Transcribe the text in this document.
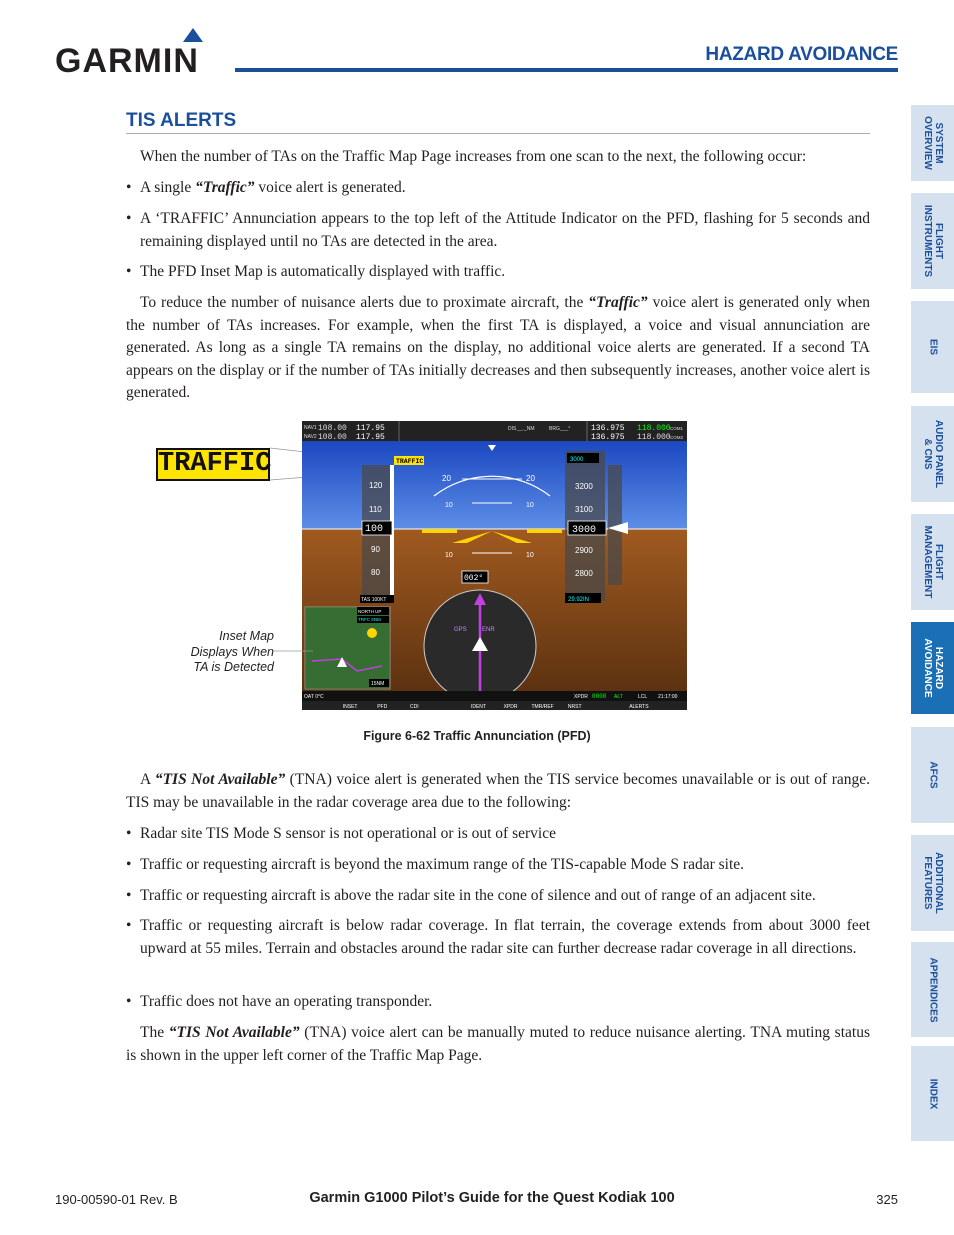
GARMIN	HAZARD AVOIDANCE
SYSTEM
OVERVIEW
FLIGHT
INSTRUMENTS
EIS
AUDIO PANEL
& CNS
FLIGHT
MANAGEMENT
HAZARD
AVOIDANCE
AFCS
ADDITIONAL
FEATURES
APPENDICES
INDEX
TIS ALERTS
When the number of TAs on the Traffic Map Page increases from one scan to the next, the following occur:
• A single “Traffic” voice alert is generated.
• A ‘TRAFFIC’ Annunciation appears to the top left of the Attitude Indicator on the PFD, flashing for 5 seconds and remaining displayed until no TAs are detected in the area.
• The PFD Inset Map is automatically displayed with traffic.
To reduce the number of nuisance alerts due to proximate aircraft, the “Traffic” voice alert is generated only when the number of TAs increases. For example, when the first TA is displayed, a voice and visual annunciation are generated. As long as a single TA remains on the display, no additional voice alerts are generated. If a second TA appears on the display or if the number of TAs initially decreases and then subsequently increases, another voice alert is generated.
TRAFFIC
NAV1
NAV2
108.00 117.95
108.00 117.95
DIS __._NM	BRG ___°	136.975 118.000
136.975 118.000
COM1
COM2
20	20
10	10
10	10
TRAFFIC
120
110
100
90
80
TAS 100KT
3000
3200
3100
3000
2900
2800
29.92IN
002°
GPS	ENR
NORTH UP
TRFC 6NM
15NM
OAT 0°C	XPDR 0000 ALT	LCL 21:17:00
INSET	PFD	CDI	IDENT	XPDR	TMR/REF	NRST	ALERTS
Inset Map
Displays When
TA is Detected
Figure 6-62 Traffic Annunciation (PFD)
A “TIS Not Available” (TNA) voice alert is generated when the TIS service becomes unavailable or is out of range. TIS may be unavailable in the radar coverage area due to the following:
• Radar site TIS Mode S sensor is not operational or is out of service
• Traffic or requesting aircraft is beyond the maximum range of the TIS-capable Mode S radar site.
• Traffic or requesting aircraft is above the radar site in the cone of silence and out of range of an adjacent site.
• Traffic or requesting aircraft is below radar coverage. In flat terrain, the coverage extends from about 3000 feet upward at 55 miles. Terrain and obstacles around the radar site can further decrease radar coverage in all directions.
• Traffic does not have an operating transponder.
The “TIS Not Available” (TNA) voice alert can be manually muted to reduce nuisance alerting. TNA muting status is shown in the upper left corner of the Traffic Map Page.
190-00590-01 Rev. B	Garmin G1000 Pilot’s Guide for the Quest Kodiak 100	325
